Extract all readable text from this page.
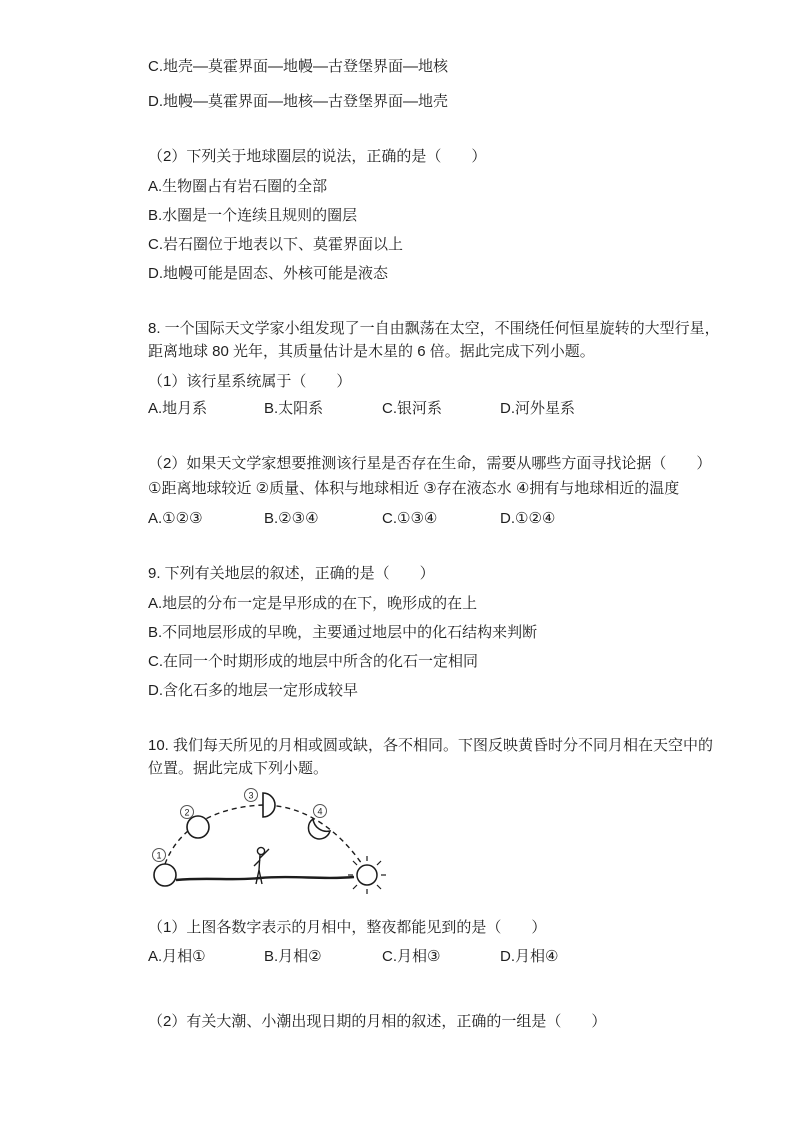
C.地壳—莫霍界面—地幔—古登堡界面—地核

D.地幔—莫霍界面—地核—古登堡界面—地壳

（2）下列关于地球圈层的说法，正确的是（　　）

A.生物圈占有岩石圈的全部

B.水圈是一个连续且规则的圈层

C.岩石圈位于地表以下、莫霍界面以上

D.地幔可能是固态、外核可能是液态

8. 一个国际天文学家小组发现了一自由飘荡在太空，不围绕任何恒星旋转的大型行星，距离地球 80 光年，其质量估计是木星的 6 倍。据此完成下列小题。

（1）该行星系统属于（　　）

A.地月系	B.太阳系	C.银河系	D.河外星系

（2）如果天文学家想要推测该行星是否存在生命，需要从哪些方面寻找论据（　　）

①距离地球较近 ②质量、体积与地球相近 ③存在液态水 ④拥有与地球相近的温度

A.①②③	B.②③④	C.①③④	D.①②④

9. 下列有关地层的叙述，正确的是（　　）

A.地层的分布一定是早形成的在下，晚形成的在上

B.不同地层形成的早晚，主要通过地层中的化石结构来判断

C.在同一个时期形成的地层中所含的化石一定相同

D.含化石多的地层一定形成较早

10. 我们每天所见的月相或圆或缺，各不相同。下图反映黄昏时分不同月相在天空中的位置。据此完成下列小题。

1
2
3
4

（1）上图各数字表示的月相中，整夜都能见到的是（　　）

A.月相①	B.月相②	C.月相③	D.月相④

（2）有关大潮、小潮出现日期的月相的叙述，正确的一组是（　　）
